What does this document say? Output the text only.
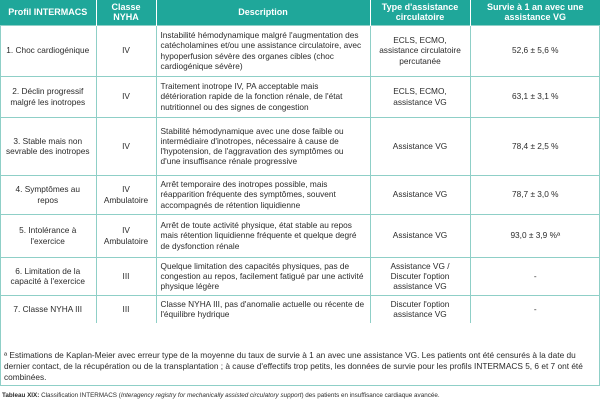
Profil INTERMACS	Classe NYHA	Description	Type d'assistance circulatoire	Survie à 1 an avec une assistance VG
1. Choc cardiogénique	IV	Instabilité hémodynamique malgré l'augmentation des catécholamines et/ou une assistance circulatoire, avec hypoperfusion sévère des organes cibles (choc cardiogénique sévère)	ECLS, ECMO, assistance circulatoire percutanée	52,6 ± 5,6 %
2. Déclin progressif malgré les inotropes	IV	Traitement inotrope IV, PA acceptable mais détérioration rapide de la fonction rénale, de l'état nutritionnel ou des signes de congestion	ECLS, ECMO, assistance VG	63,1 ± 3,1 %
3. Stable mais non sevrable des inotropes	IV	Stabilité hémodynamique avec une dose faible ou intermédiaire d'inotropes, nécessaire à cause de l'hypotension, de l'aggravation des symptômes ou d'une insuffisance rénale progressive	Assistance VG	78,4 ± 2,5 %
4. Symptômes au repos	IV Ambulatoire	Arrêt temporaire des inotropes possible, mais réapparition fréquente des symptômes, souvent accompagnés de rétention liquidienne	Assistance VG	78,7 ± 3,0 %
5. Intolérance à l'exercice	IV Ambulatoire	Arrêt de toute activité physique, état stable au repos mais rétention liquidienne fréquente et quelque degré de dysfonction rénale	Assistance VG	93,0 ± 3,9 %ª
6. Limitation de la capacité à l'exercice	III	Quelque limitation des capacités physiques, pas de congestion au repos, facilement fatigué par une activité physique légère	Assistance VG / Discuter l'option assistance VG	-
7. Classe NYHA III	III	Classe NYHA III, pas d'anomalie actuelle ou récente de l'équilibre hydrique	Discuter l'option assistance VG	-
ª Estimations de Kaplan-Meier avec erreur type de la moyenne du taux de survie à 1 an avec une assistance VG. Les patients ont été censurés à la date du dernier contact, de la récupération ou de la transplantation ; à cause d'effectifs trop petits, les données de survie pour les profils INTERMACS 5, 6 et 7 ont été combinées.
Tableau XIX: Classification INTERMACS (Interagency registry for mechanically assisted circulatory support) des patients en insuffisance cardiaque avancée.
